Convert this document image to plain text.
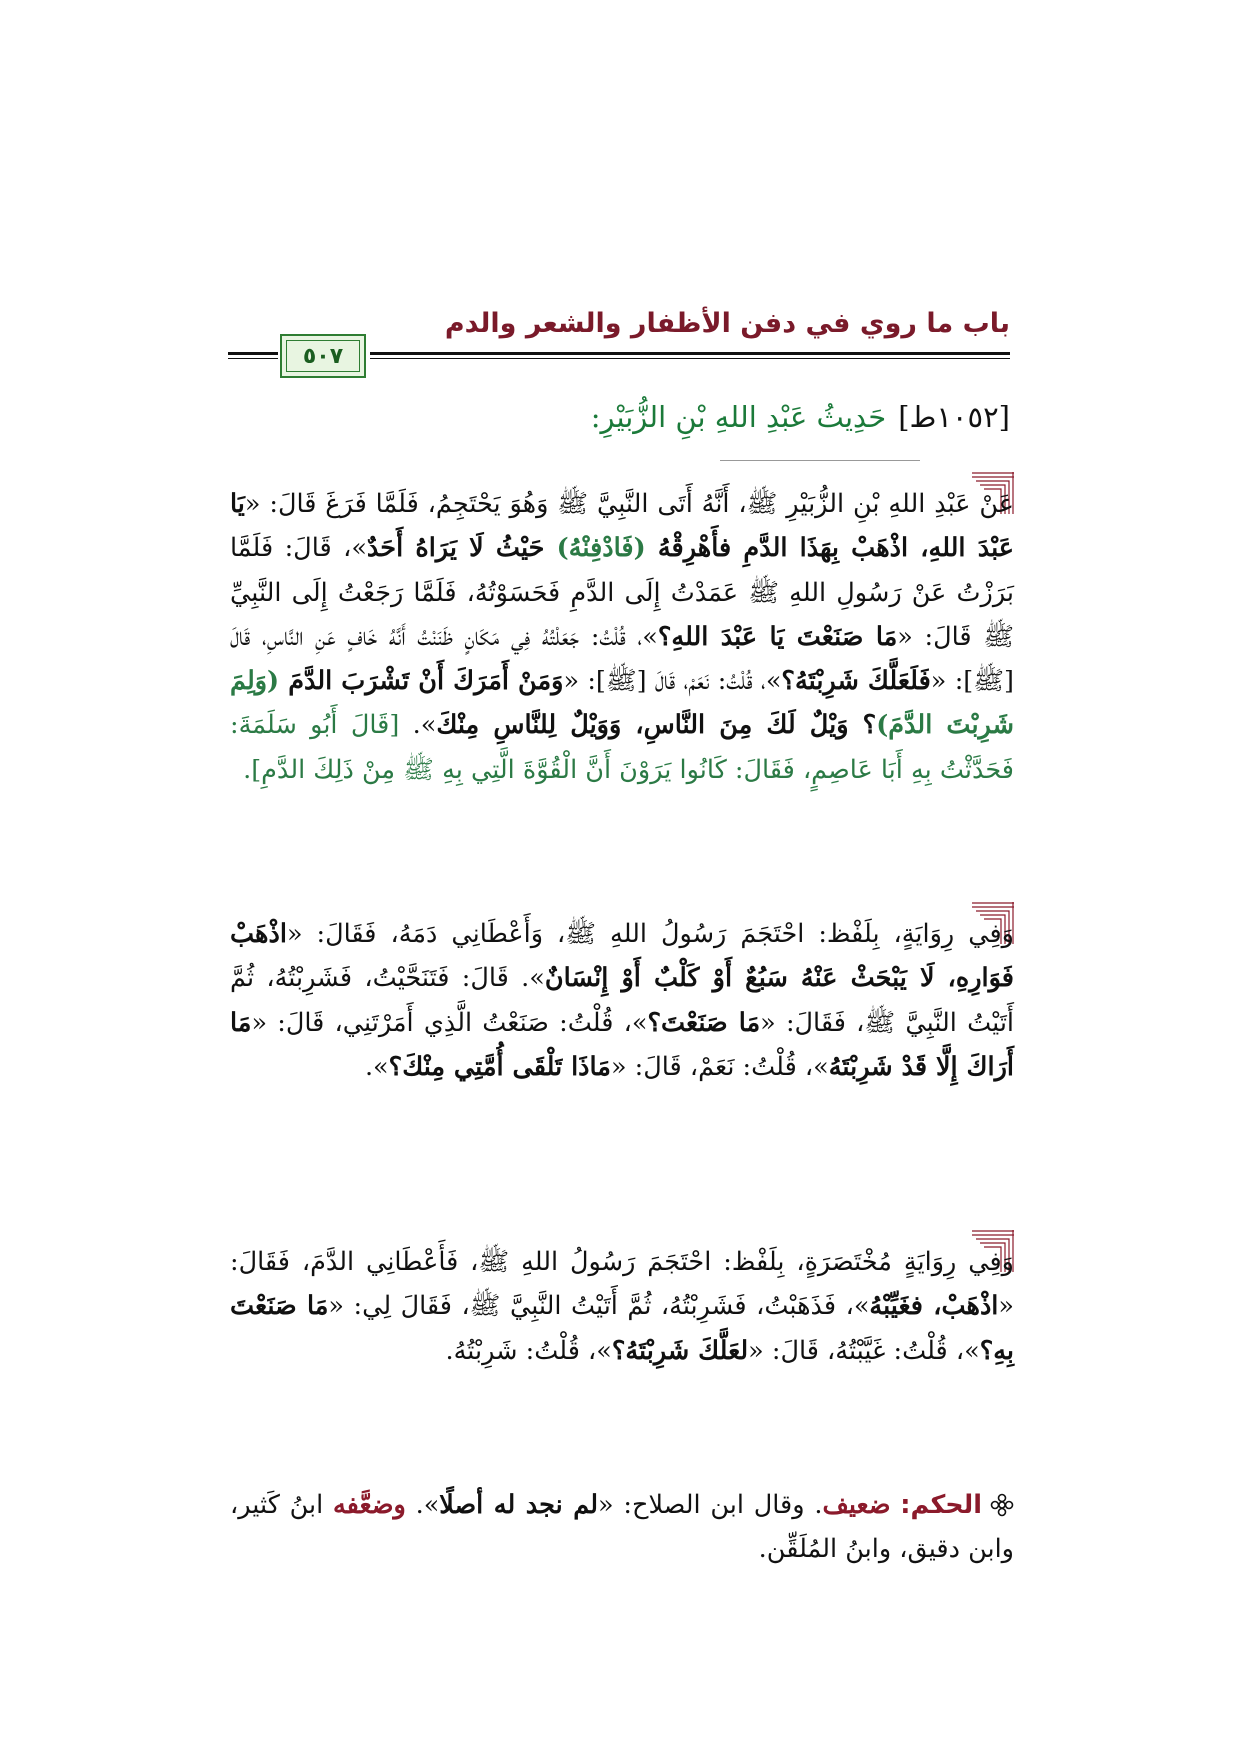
باب ما روي في دفن الأظفار والشعر والدم
٥٠٧
[١٠٥٢ط]حَدِيثُ عَبْدِ اللهِ بْنِ الزُّبَيْرِ:
عَنْ عَبْدِ اللهِ بْنِ الزُّبَيْرِ ﷺ، أَنَّهُ أَتَى النَّبِيَّ ﷺ وَهُوَ يَحْتَجِمُ، فَلَمَّا فَرَغَ قَالَ: «يَا عَبْدَ اللهِ، اذْهَبْ بِهَذَا الدَّمِ فأَهْرِقْهُ (فَادْفِنْهُ) حَيْثُ لَا يَرَاهُ أَحَدٌ»، قَالَ: فَلَمَّا بَرَزْتُ عَنْ رَسُولِ اللهِ ﷺ عَمَدْتُ إِلَى الدَّمِ فَحَسَوْتُهُ، فَلَمَّا رَجَعْتُ إِلَى النَّبِيِّ ﷺ قَالَ: «مَا صَنَعْتَ يَا عَبْدَ اللهِ؟»، قُلْتُ: جَعَلْتُهُ فِي مَكَانٍ ظَنَنْتُ أَنَّهُ خَافٍ عَنِ النَّاسِ، قَالَ [ﷺ]: «فَلَعَلَّكَ شَرِبْتَهُ؟»، قُلْتُ: نَعَمْ، قَالَ [ﷺ]: «وَمَنْ أَمَرَكَ أَنْ تَشْرَبَ الدَّمَ (وَلِمَ شَرِبْتَ الدَّمَ)؟ وَيْلٌ لَكَ مِنَ النَّاسِ، وَوَيْلٌ لِلنَّاسِ مِنْكَ». [قَالَ أَبُو سَلَمَةَ: فَحَدَّثْتُ بِهِ أَبَا عَاصِمٍ، فَقَالَ: كَانُوا يَرَوْنَ أَنَّ الْقُوَّةَ الَّتِي بِهِ ﷺ مِنْ ذَلِكَ الدَّمِ].
وَفِي رِوَايَةٍ، بِلَفْظ: احْتَجَمَ رَسُولُ اللهِ ﷺ، وَأَعْطَانِي دَمَهُ، فَقَالَ: «اذْهَبْ فَوَارِهِ، لَا يَبْحَثْ عَنْهُ سَبُعٌ أَوْ كَلْبٌ أَوْ إِنْسَانٌ». قَالَ: فَتَنَحَّيْتُ، فَشَرِبْتُهُ، ثُمَّ أَتَيْتُ النَّبِيَّ ﷺ، فَقَالَ: «مَا صَنَعْتَ؟»، قُلْتُ: صَنَعْتُ الَّذِي أَمَرْتَنِي، قَالَ: «مَا أَرَاكَ إِلَّا قَدْ شَرِبْتَهُ»، قُلْتُ: نَعَمْ، قَالَ: «مَاذَا تَلْقَى أُمَّتِي مِنْكَ؟».
وَفِي رِوَايَةٍ مُخْتَصَرَةٍ، بِلَفْظ: احْتَجَمَ رَسُولُ اللهِ ﷺ، فَأَعْطَانِي الدَّمَ، فَقَالَ: «اذْهَبْ، فغَيِّبْهُ»، فَذَهَبْتُ، فَشَرِبْتُهُ، ثُمَّ أَتَيْتُ النَّبِيَّ ﷺ، فَقَالَ لِي: «مَا صَنَعْتَ بِهِ؟»، قُلْتُ: غَيَّبْتُهُ، قَالَ: «لعَلَّكَ شَرِبْتَهُ؟»، قُلْتُ: شَرِبْتُهُ.
الحكم: ضعيف. وقال ابن الصلاح: «لم نجد له أصلًا». وضعَّفه ابنُ كَثير، وابن دقيق، وابنُ المُلَقِّن.
